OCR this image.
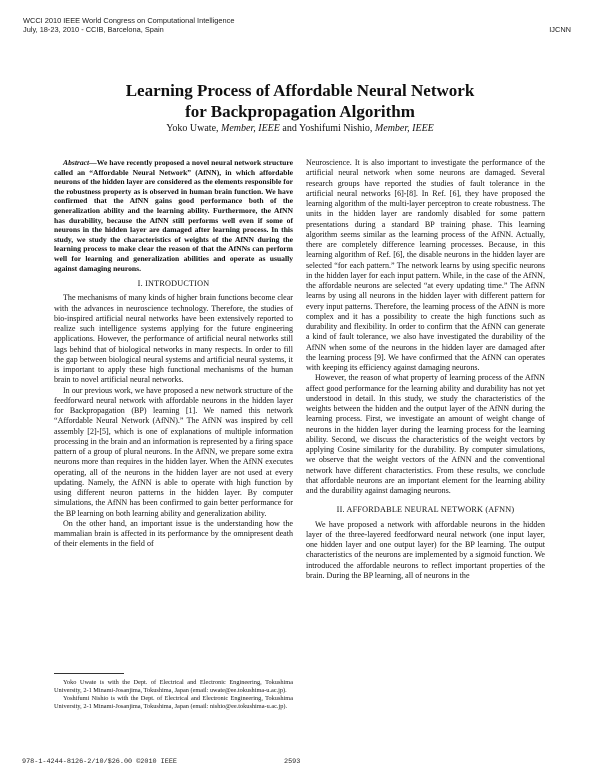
WCCI 2010 IEEE World Congress on Computational Intelligence
July, 18-23, 2010 - CCIB, Barcelona, Spain	IJCNN
Learning Process of Affordable Neural Network
for Backpropagation Algorithm
Yoko Uwate, Member, IEEE and Yoshifumi Nishio, Member, IEEE

Abstract—We have recently proposed a novel neural network structure called an “Affordable Neural Network” (AfNN), in which affordable neurons of the hidden layer are considered as the elements responsible for the robustness property as is observed in human brain function. We have confirmed that the AfNN gains good performance both of the generalization ability and the learning ability. Furthermore, the AfNN has durability, because the AfNN still performs well even if some of neurons in the hidden layer are damaged after learning process. In this study, we study the characteristics of weights of the AfNN during the learning process to make clear the reason of that the AfNNs can perform well for learning and generalization abilities and operate as usually against damaging neurons.

I. INTRODUCTION

The mechanisms of many kinds of higher brain functions become clear with the advances in neuroscience technology. Therefore, the studies of bio-inspired artificial neural networks have been extensively reported to realize such intelligence systems applying for the future engineering applications. However, the performance of artificial neural networks still lags behind that of biological networks in many respects. In order to fill the gap between biological neural systems and artificial neural systems, it is important to apply these high functional mechanisms of the human brain to novel artificial neural networks.

In our previous work, we have proposed a new network structure of the feedforward neural network with affordable neurons in the hidden layer for Backpropagation (BP) learning [1]. We named this network “Affordable Neural Network (AfNN).” The AfNN was inspired by cell assembly [2]-[5], which is one of explanations of multiple information processing in the brain and an information is represented by a firing space pattern of a group of plural neurons. In the AfNN, we prepare some extra neurons more than requires in the hidden layer. When the AfNN executes operating, all of the neurons in the hidden layer are not used at every updating. Namely, the AfNN is able to operate with high function by using different neuron patterns in the hidden layer. By computer simulations, the AfNN has been confirmed to gain better performance for the BP learning on both learning ability and generalization ability.

On the other hand, an important issue is the understanding how the mammalian brain is affected in its performance by the omnipresent death of their elements in the field of

Neuroscience. It is also important to investigate the performance of the artificial neural network when some neurons are damaged. Several research groups have reported the studies of fault tolerance in the artificial neural networks [6]-[8]. In Ref. [6], they have proposed the learning algorithm of the multi-layer perceptron to create robustness. The units in the hidden layer are randomly disabled for some pattern presentations during a standard BP training phase. This learning algorithm seems similar as the learning process of the AfNN. Actually, there are completely difference learning processes. Because, in this learning algorithm of Ref. [6], the disable neurons in the hidden layer are selected “for each pattern.” The network learns by using specific neurons in the hidden layer for each input pattern. While, in the case of the AfNN, the affordable neurons are selected “at every updating time.” The AfNN learns by using all neurons in the hidden layer with different pattern for every input patterns. Therefore, the learning process of the AfNN is more complex and it has a possibility to create the high functions such as durability and flexibility. In order to confirm that the AfNN can generate a kind of fault tolerance, we also have investigated the durability of the AfNN when some of the neurons in the hidden layer are damaged after the learning process [9]. We have confirmed that the AfNN can operates with keeping its efficiency against damaging neurons.

However, the reason of what property of learning process of the AfNN affect good performance for the learning ability and durability has not yet understood in detail. In this study, we study the characteristics of the weights between the hidden and the output layer of the AfNN during the learning process. First, we investigate an amount of weight change of neurons in the hidden layer during the learning process for the learning ability. Second, we discuss the characteristics of the weight vectors by applying Cosine similarity for the durability. By computer simulations, we observe that the weight vectors of the AfNN and the conventional network have different characteristics. From these results, we conclude that affordable neurons are an important element for the learning ability and the durability against damaging neurons.

II. AFFORDABLE NEURAL NETWORK (AFNN)

We have proposed a network with affordable neurons in the hidden layer of the three-layered feedforward neural network (one input layer, one hidden layer and one output layer) for the BP learning. The output characteristics of the neurons are implemented by a sigmoid function. We introduced the affordable neurons to reflect important properties of the brain. During the BP learning, all of neurons in the

Yoko Uwate is with the Dept. of Electrical and Electronic Engineering, Tokushima University, 2-1 Minami-Josanjima, Tokushima, Japan (email: uwate@ee.tokushima-u.ac.jp).

Yoshifumi Nishio is with the Dept. of Electrical and Electronic Engineering, Tokushima University, 2-1 Minami-Josanjima, Tokushima, Japan (email: nishio@ee.tokushima-u.ac.jp).

978-1-4244-8126-2/10/$26.00 ©2010 IEEE	2593
